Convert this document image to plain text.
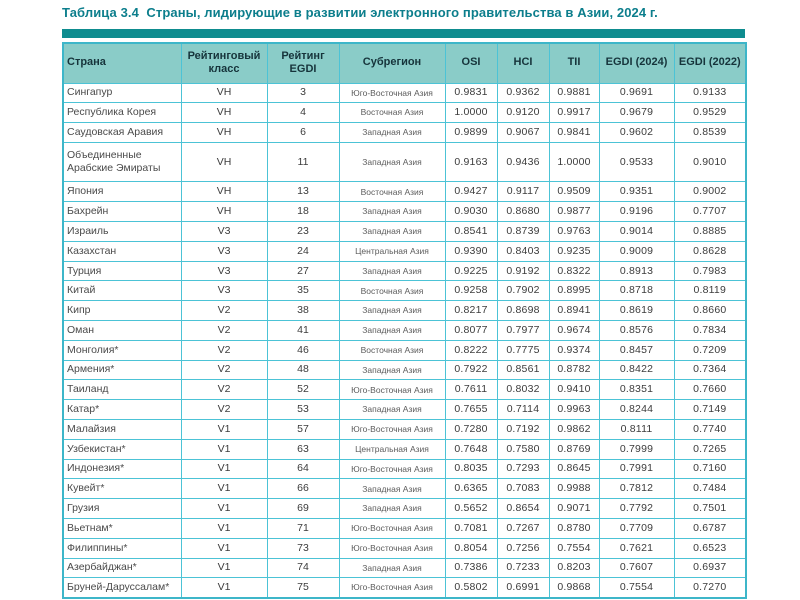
Таблица 3.4  Страны, лидирующие в развитии электронного правительства в Азии, 2024 г.
Страна	Рейтинговый класс	Рейтинг EGDI	Субрегион	OSI	HCI	TII	EGDI (2024)	EGDI (2022)
Сингапур	VH	3	Юго-Восточная Азия	0.9831	0.9362	0.9881	0.9691	0.9133
Республика Корея	VH	4	Восточная Азия	1.0000	0.9120	0.9917	0.9679	0.9529
Саудовская Аравия	VH	6	Западная Азия	0.9899	0.9067	0.9841	0.9602	0.8539
Объединенные Арабские Эмираты	VH	11	Западная Азия	0.9163	0.9436	1.0000	0.9533	0.9010
Япония	VH	13	Восточная Азия	0.9427	0.9117	0.9509	0.9351	0.9002
Бахрейн	VH	18	Западная Азия	0.9030	0.8680	0.9877	0.9196	0.7707
Израиль	V3	23	Западная Азия	0.8541	0.8739	0.9763	0.9014	0.8885
Казахстан	V3	24	Центральная Азия	0.9390	0.8403	0.9235	0.9009	0.8628
Турция	V3	27	Западная Азия	0.9225	0.9192	0.8322	0.8913	0.7983
Китай	V3	35	Восточная Азия	0.9258	0.7902	0.8995	0.8718	0.8119
Кипр	V2	38	Западная Азия	0.8217	0.8698	0.8941	0.8619	0.8660
Оман	V2	41	Западная Азия	0.8077	0.7977	0.9674	0.8576	0.7834
Монголия*	V2	46	Восточная Азия	0.8222	0.7775	0.9374	0.8457	0.7209
Армения*	V2	48	Западная Азия	0.7922	0.8561	0.8782	0.8422	0.7364
Таиланд	V2	52	Юго-Восточная Азия	0.7611	0.8032	0.9410	0.8351	0.7660
Катар*	V2	53	Западная Азия	0.7655	0.7114	0.9963	0.8244	0.7149
Малайзия	V1	57	Юго-Восточная Азия	0.7280	0.7192	0.9862	0.8111	0.7740
Узбекистан*	V1	63	Центральная Азия	0.7648	0.7580	0.8769	0.7999	0.7265
Индонезия*	V1	64	Юго-Восточная Азия	0.8035	0.7293	0.8645	0.7991	0.7160
Кувейт*	V1	66	Западная Азия	0.6365	0.7083	0.9988	0.7812	0.7484
Грузия	V1	69	Западная Азия	0.5652	0.8654	0.9071	0.7792	0.7501
Вьетнам*	V1	71	Юго-Восточная Азия	0.7081	0.7267	0.8780	0.7709	0.6787
Филиппины*	V1	73	Юго-Восточная Азия	0.8054	0.7256	0.7554	0.7621	0.6523
Азербайджан*	V1	74	Западная Азия	0.7386	0.7233	0.8203	0.7607	0.6937
Бруней-Даруссалам*	V1	75	Юго-Восточная Азия	0.5802	0.6991	0.9868	0.7554	0.7270
